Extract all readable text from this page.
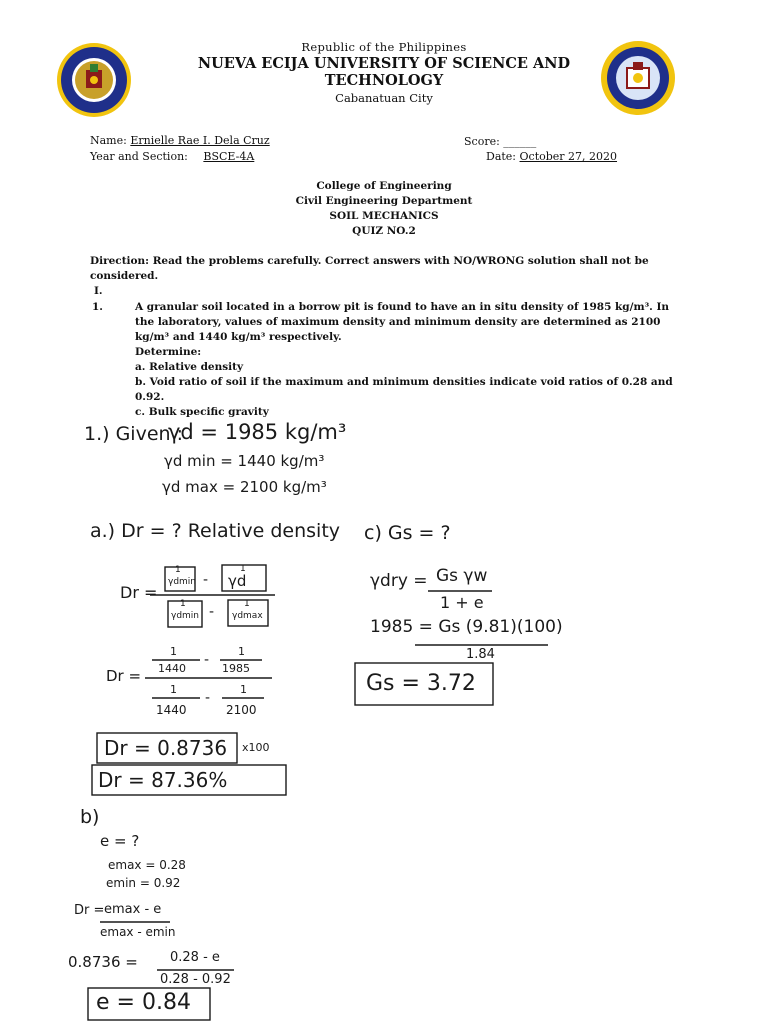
Republic of the Philippines
NUEVA ECIJA UNIVERSITY OF SCIENCE AND
TECHNOLOGY
Cabanatuan City
Name: Ernielle Rae I. Dela Cruz
Year and Section: BSCE-4A
Score: ______
Date: October 27, 2020
College of Engineering
Civil Engineering Department
SOIL MECHANICS
QUIZ NO.2
Direction: Read the problems carefully. Correct answers with NO/WRONG solution shall not be
considered.
I.
1.	A granular soil located in a borrow pit is found to have an in situ density of 1985 kg/m³. In
the laboratory, values of maximum density and minimum density are determined as 2100
kg/m³ and 1440 kg/m³ respectively.
Determine:
a. Relative density
b. Void ratio of soil if the maximum and minimum densities indicate void ratios of 0.28 and
0.92.
c. Bulk specific gravity
1.) Given :
γd = 1985 kg/m³
γd min = 1440 kg/m³
γd max = 2100 kg/m³
a.) Dr = ? Relative density
Dr =
1
γdmin -
1
γd
1
γdmin -	1
γdmax
Dr =
1
1440
-
1
1985
1
1440
-
1
2100
Dr = 0.8736 x100
Dr = 87.36%
c) Gs = ?
γdry = Gs γw
1 + e
1985 = Gs (9.81)(100)
1.84
Gs = 3.72
b)
e = ?
emax = 0.28
emin = 0.92
Dr = emax - e
emax - emin
0.8736 = 0.28 - e
0.28 - 0.92
e = 0.84
